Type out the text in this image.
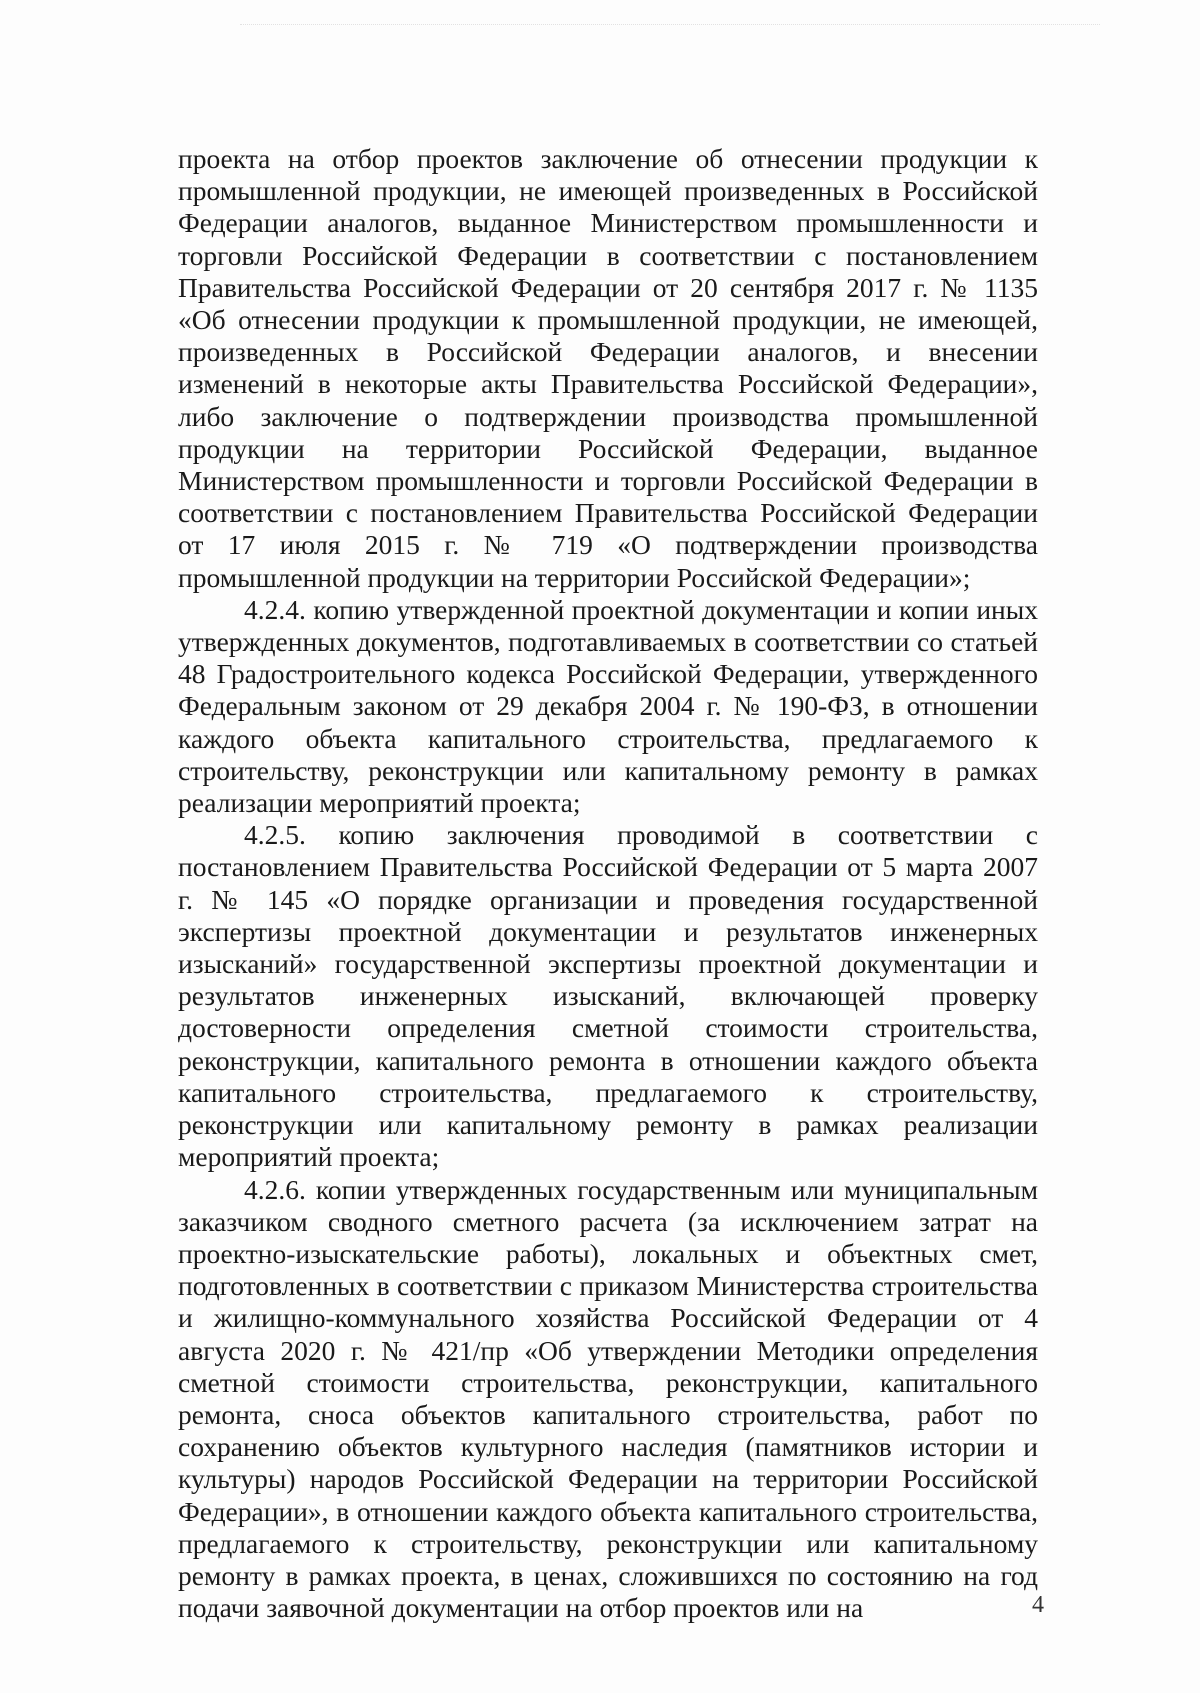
проекта на отбор проектов заключение об отнесении продукции к промышленной продукции, не имеющей произведенных в Российской Федерации аналогов, выданное Министерством промышленности и торговли Российской Федерации в соответствии с постановлением Правительства Российской Федерации от 20 сентября 2017 г. № 1135 «Об отнесении продукции к промышленной продукции, не имеющей, произведенных в Российской Федерации аналогов, и внесении изменений в некоторые акты Правительства Российской Федерации», либо заключение о подтверждении производства промышленной продукции на территории Российской Федерации, выданное Министерством промышленности и торговли Российской Федерации в соответствии с постановлением Правительства Российской Федерации от 17 июля 2015 г. № 719 «О подтверждении производства промышленной продукции на территории Российской Федерации»;

4.2.4. копию утвержденной проектной документации и копии иных утвержденных документов, подготавливаемых в соответствии со статьей 48 Градостроительного кодекса Российской Федерации, утвержденного Федеральным законом от 29 декабря 2004 г. № 190-ФЗ, в отношении каждого объекта капитального строительства, предлагаемого к строительству, реконструкции или капитальному ремонту в рамках реализации мероприятий проекта;

4.2.5. копию заключения проводимой в соответствии с постановлением Правительства Российской Федерации от 5 марта 2007 г. № 145 «О порядке организации и проведения государственной экспертизы проектной документации и результатов инженерных изысканий» государственной экспертизы проектной документации и результатов инженерных изысканий, включающей проверку достоверности определения сметной стоимости строительства, реконструкции, капитального ремонта в отношении каждого объекта капитального строительства, предлагаемого к строительству, реконструкции или капитальному ремонту в рамках реализации мероприятий проекта;

4.2.6. копии утвержденных государственным или муниципальным заказчиком сводного сметного расчета (за исключением затрат на проектно-изыскательские работы), локальных и объектных смет, подготовленных в соответствии с приказом Министерства строительства и жилищно-коммунального хозяйства Российской Федерации от 4 августа 2020 г. № 421/пр «Об утверждении Методики определения сметной стоимости строительства, реконструкции, капитального ремонта, сноса объектов капитального строительства, работ по сохранению объектов культурного наследия (памятников истории и культуры) народов Российской Федерации на территории Российской Федерации», в отношении каждого объекта капитального строительства, предлагаемого к строительству, реконструкции или капитальному ремонту в рамках проекта, в ценах, сложившихся по состоянию на год подачи заявочной документации на отбор проектов или на	4
